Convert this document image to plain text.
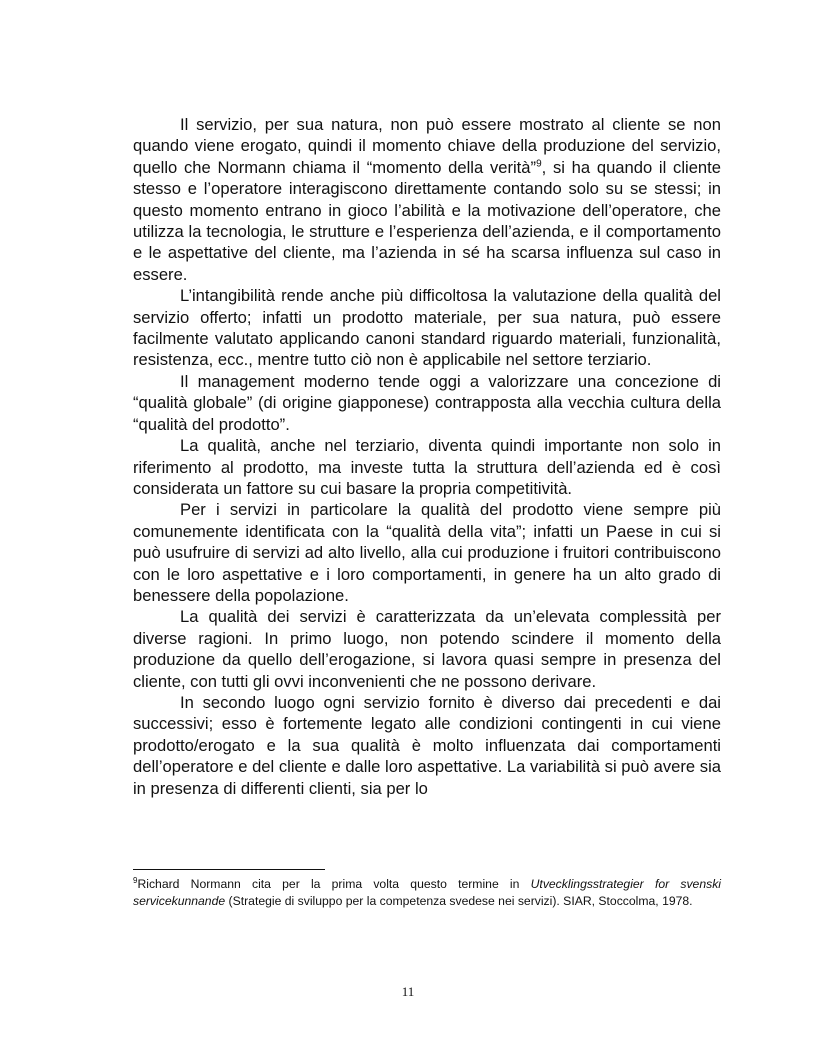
Il servizio, per sua natura, non può essere mostrato al cliente se non quando viene erogato, quindi il momento chiave della produzione del servizio, quello che Normann chiama il “momento della verità”$^9$, si ha quando il cliente stesso e l’operatore interagiscono direttamente contando solo su se stessi; in questo momento entrano in gioco l’abilità e la motivazione dell’operatore, che utilizza la tecnologia, le strutture e l’esperienza dell’azienda, e il comportamento e le aspettative del cliente, ma l’azienda in sé ha scarsa influenza sul caso in essere.

L’intangibilità rende anche più difficoltosa la valutazione della qualità del servizio offerto; infatti un prodotto materiale, per sua natura, può essere facilmente valutato applicando canoni standard riguardo materiali, funzionalità, resistenza, ecc., mentre tutto ciò non è applicabile nel settore terziario.

Il management moderno tende oggi a valorizzare una concezione di “qualità globale” (di origine giapponese) contrapposta alla vecchia cultura della “qualità del prodotto”.

La qualità, anche nel terziario, diventa quindi importante non solo in riferimento al prodotto, ma investe tutta la struttura dell’azienda ed è così considerata un fattore su cui basare la propria competitività.

Per i servizi in particolare la qualità del prodotto viene sempre più comunemente identificata con la “qualità della vita”; infatti un Paese in cui si può usufruire di servizi ad alto livello, alla cui produzione i fruitori contribuiscono con le loro aspettative e i loro comportamenti, in genere ha un alto grado di benessere della popolazione.

La qualità dei servizi è caratterizzata da un’elevata complessità per diverse ragioni. In primo luogo, non potendo scindere il momento della produzione da quello dell’erogazione, si lavora quasi sempre in presenza del cliente, con tutti gli ovvi inconvenienti che ne possono derivare.

In secondo luogo ogni servizio fornito è diverso dai precedenti e dai successivi; esso è fortemente legato alle condizioni contingenti in cui viene prodotto/erogato e la sua qualità è molto influenzata dai comportamenti dell’operatore e del cliente e dalle loro aspettative. La variabilità si può avere sia in presenza di differenti clienti, sia per lo

$^9$Richard Normann cita per la prima volta questo termine in Utvecklingsstrategier for svenski servicekunnande (Strategie di sviluppo per la competenza svedese nei servizi). SIAR, Stoccolma, 1978.

11
